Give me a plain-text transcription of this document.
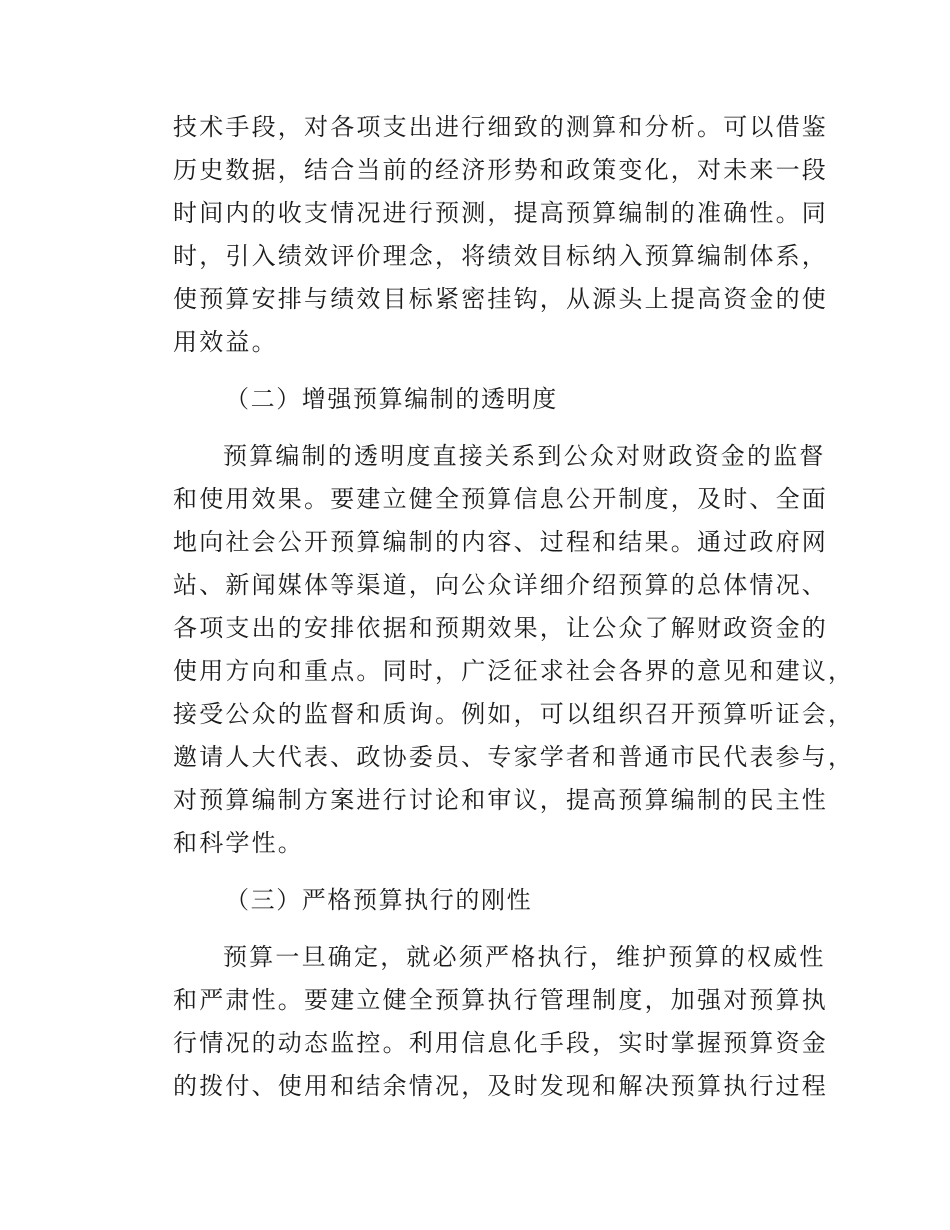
技术手段，对各项支出进行细致的测算和分析。可以借鉴
历史数据，结合当前的经济形势和政策变化，对未来一段
时间内的收支情况进行预测，提高预算编制的准确性。同
时，引入绩效评价理念，将绩效目标纳入预算编制体系，
使预算安排与绩效目标紧密挂钩，从源头上提高资金的使
用效益。
（二）增强预算编制的透明度
预算编制的透明度直接关系到公众对财政资金的监督
和使用效果。要建立健全预算信息公开制度，及时、全面
地向社会公开预算编制的内容、过程和结果。通过政府网
站、新闻媒体等渠道，向公众详细介绍预算的总体情况、
各项支出的安排依据和预期效果，让公众了解财政资金的
使用方向和重点。同时，广泛征求社会各界的意见和建议，
接受公众的监督和质询。例如，可以组织召开预算听证会，
邀请人大代表、政协委员、专家学者和普通市民代表参与，
对预算编制方案进行讨论和审议，提高预算编制的民主性
和科学性。
（三）严格预算执行的刚性
预算一旦确定，就必须严格执行，维护预算的权威性
和严肃性。要建立健全预算执行管理制度，加强对预算执
行情况的动态监控。利用信息化手段，实时掌握预算资金
的拨付、使用和结余情况，及时发现和解决预算执行过程
